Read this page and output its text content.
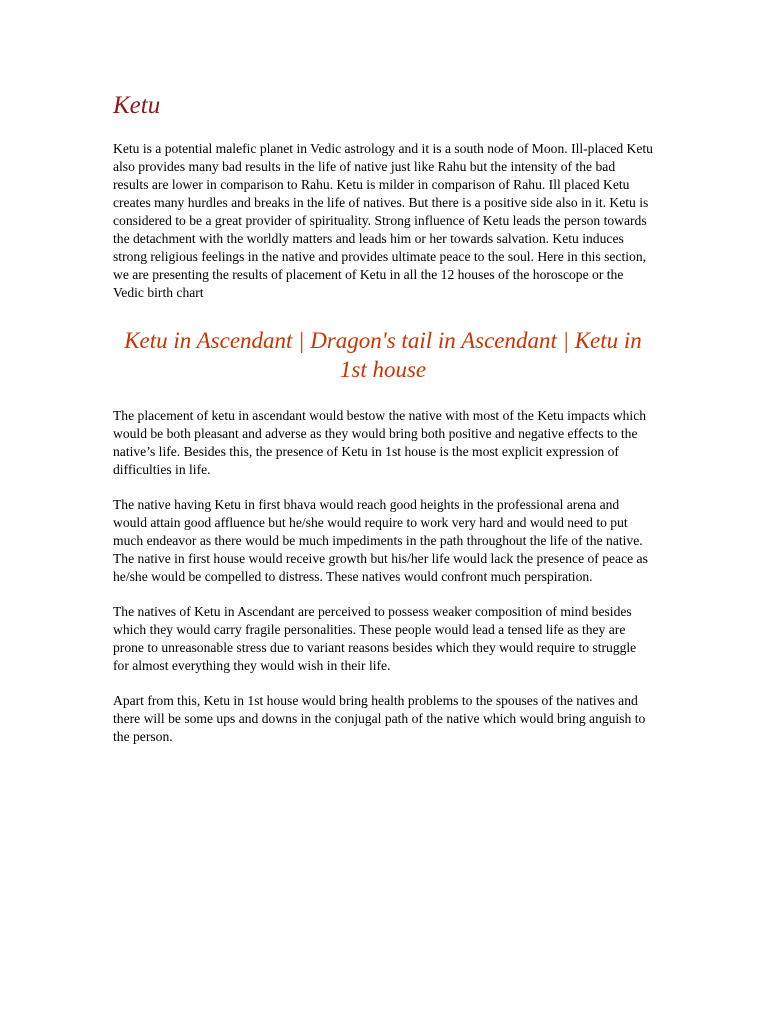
Ketu

Ketu is a potential malefic planet in Vedic astrology and it is a south node of Moon. Ill-placed Ketu also provides many bad results in the life of native just like Rahu but the intensity of the bad results are lower in comparison to Rahu. Ketu is milder in comparison of Rahu. Ill placed Ketu creates many hurdles and breaks in the life of natives. But there is a positive side also in it. Ketu is considered to be a great provider of spirituality. Strong influence of Ketu leads the person towards the detachment with the worldly matters and leads him or her towards salvation. Ketu induces strong religious feelings in the native and provides ultimate peace to the soul. Here in this section, we are presenting the results of placement of Ketu in all the 12 houses of the horoscope or the Vedic birth chart

Ketu in Ascendant | Dragon's tail in Ascendant | Ketu in 1st house

The placement of ketu in ascendant would bestow the native with most of the Ketu impacts which would be both pleasant and adverse as they would bring both positive and negative effects to the native’s life. Besides this, the presence of Ketu in 1st house is the most explicit expression of difficulties in life.

The native having Ketu in first bhava would reach good heights in the professional arena and would attain good affluence but he/she would require to work very hard and would need to put much endeavor as there would be much impediments in the path throughout the life of the native. The native in first house would receive growth but his/her life would lack the presence of peace as he/she would be compelled to distress. These natives would confront much perspiration.

The natives of Ketu in Ascendant are perceived to possess weaker composition of mind besides which they would carry fragile personalities. These people would lead a tensed life as they are prone to unreasonable stress due to variant reasons besides which they would require to struggle for almost everything they would wish in their life.

Apart from this, Ketu in 1st house would bring health problems to the spouses of the natives and there will be some ups and downs in the conjugal path of the native which would bring anguish to the person.
